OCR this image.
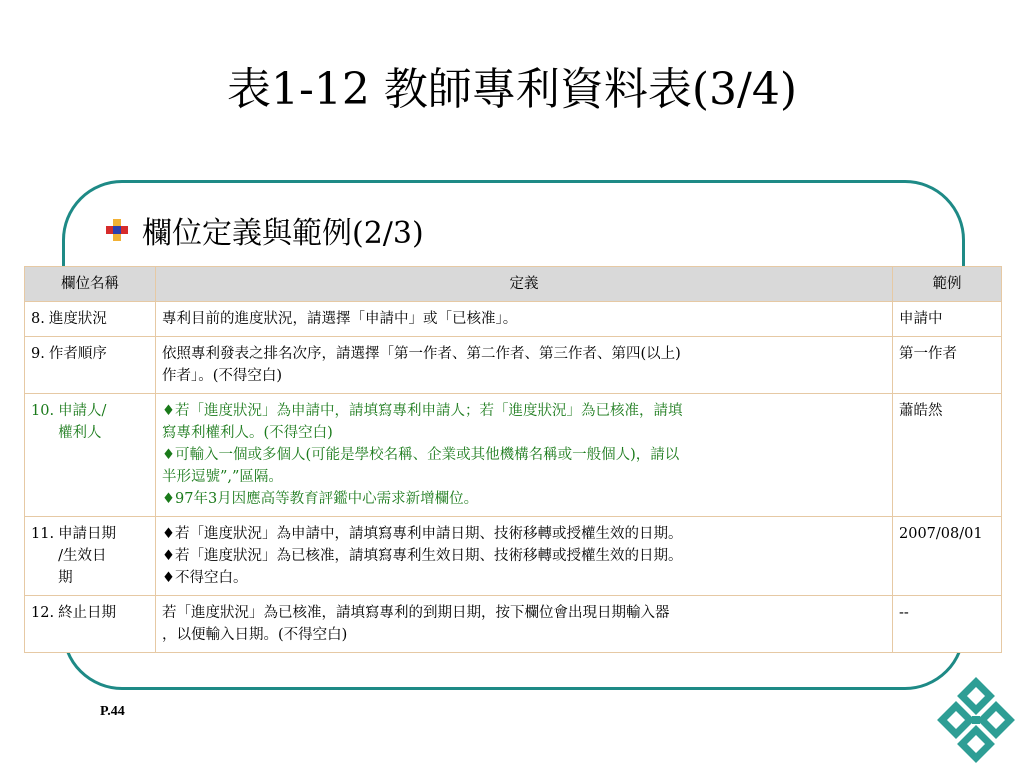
表1-12 教師專利資料表(3/4)
欄位定義與範例(2/3)
欄位名稱	定義	範例

8. 進度狀況	專利目前的進度狀況，請選擇「申請中」或「已核准」。	申請中

9. 作者順序	依照專利發表之排名次序，請選擇「第一作者、第二作者、第三作者、第四(以上)
作者」。(不得空白)	第一作者

10. 申請人/
權利人	♦若「進度狀況」為申請中，請填寫專利申請人；若「進度狀況」為已核准，請填
寫專利權利人。(不得空白)
♦可輸入一個或多個人(可能是學校名稱、企業或其他機構名稱或一般個人)，請以
半形逗號”,”區隔。
♦97年3月因應高等教育評鑑中心需求新增欄位。	蕭皓然

11. 申請日期
/生效日
期	♦若「進度狀況」為申請中，請填寫專利申請日期、技術移轉或授權生效的日期。
♦若「進度狀況」為已核准，請填寫專利生效日期、技術移轉或授權生效的日期。
♦不得空白。	2007/08/01

12. 終止日期	若「進度狀況」為已核准，請填寫專利的到期日期，按下欄位會出現日期輸入器
，以便輸入日期。(不得空白)	--
P.44
